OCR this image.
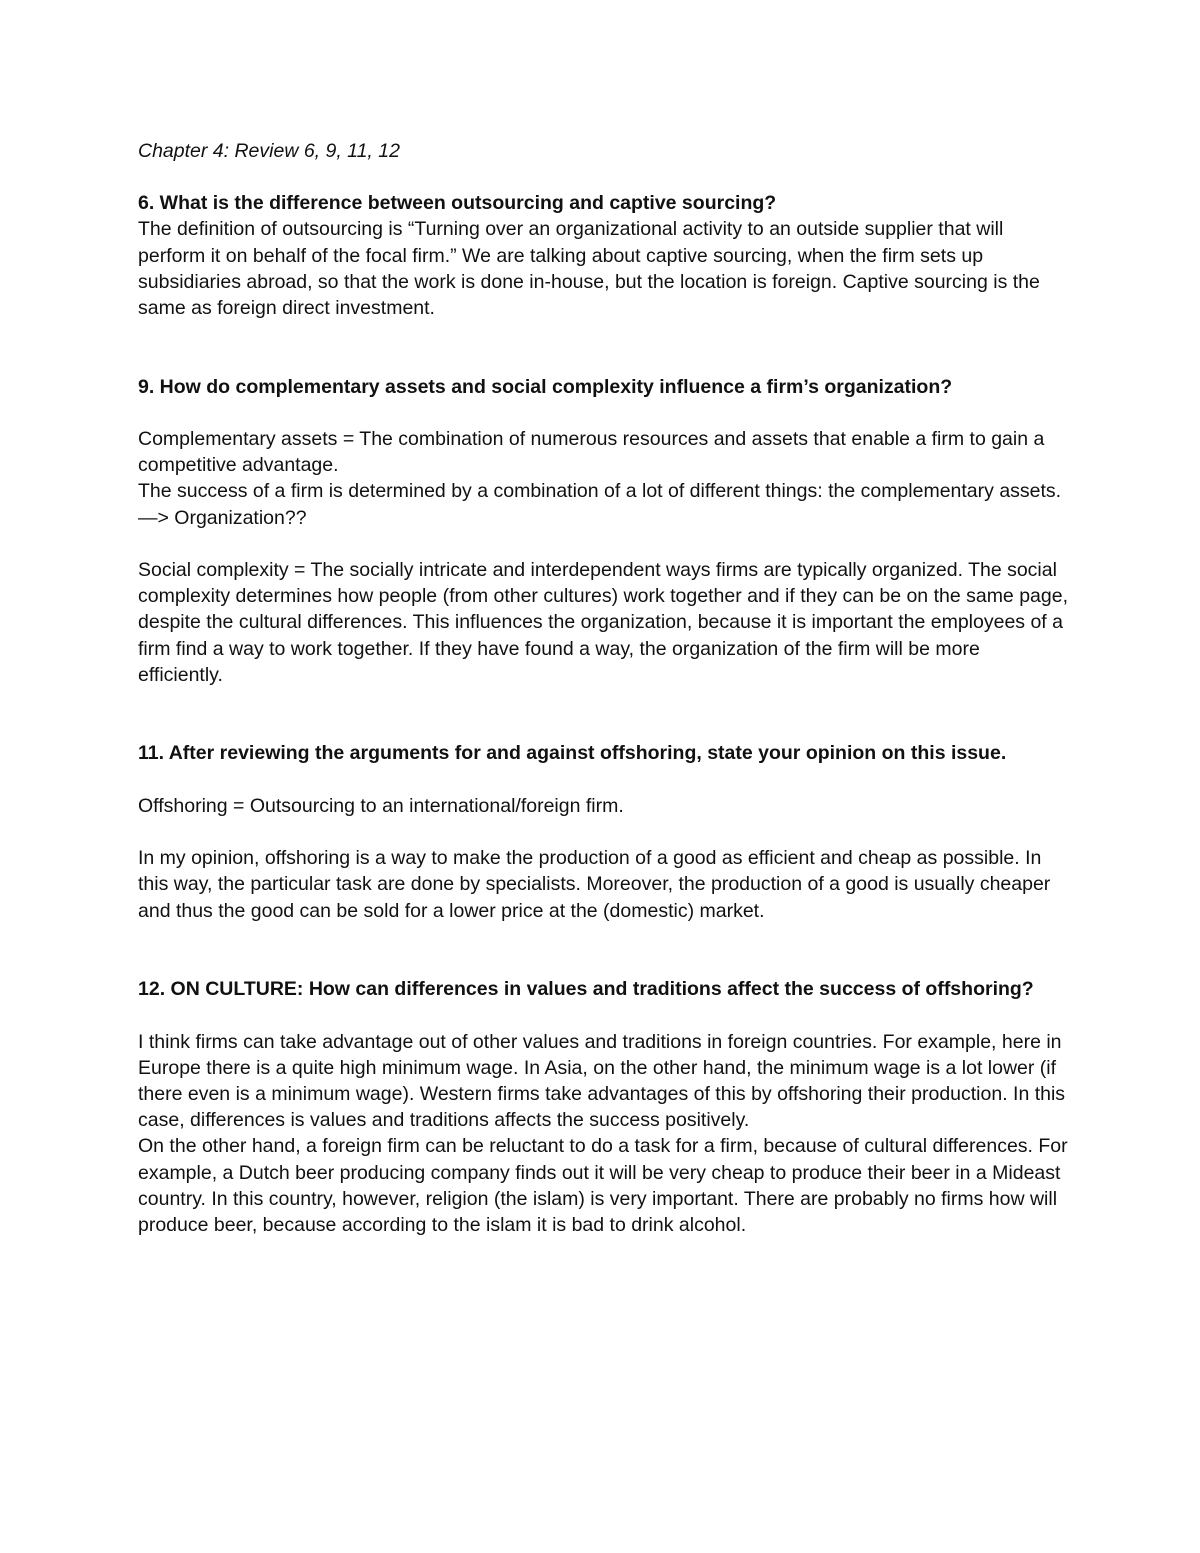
Chapter 4: Review 6, 9, 11, 12

6. What is the difference between outsourcing and captive sourcing?

The definition of outsourcing is “Turning over an organizational activity to an outside supplier that will perform it on behalf of the focal firm.” We are talking about captive sourcing, when the firm sets up subsidiaries abroad, so that the work is done in-house, but the location is foreign. Captive sourcing is the same as foreign direct investment.

9. How do complementary assets and social complexity influence a firm’s organization?

Complementary assets = The combination of numerous resources and assets that enable a firm to gain a competitive advantage.

The success of a firm is determined by a combination of a lot of different things: the complementary assets. —> Organization??

Social complexity = The socially intricate and interdependent ways firms are typically organized. The social complexity determines how people (from other cultures) work together and if they can be on the same page, despite the cultural differences. This influences the organization, because it is important the employees of a firm find a way to work together. If they have found a way, the organization of the firm will be more efficiently.

11. After reviewing the arguments for and against offshoring, state your opinion on this issue.

Offshoring = Outsourcing to an international/foreign firm.

In my opinion, offshoring is a way to make the production of a good as efficient and cheap as possible. In this way, the particular task are done by specialists. Moreover, the production of a good is usually cheaper and thus the good can be sold for a lower price at the (domestic) market.

12. ON CULTURE: How can differences in values and traditions affect the success of offshoring?

I think firms can take advantage out of other values and traditions in foreign countries. For example, here in Europe there is a quite high minimum wage. In Asia, on the other hand, the minimum wage is a lot lower (if there even is a minimum wage). Western firms take advantages of this by offshoring their production. In this case, differences is values and traditions affects the success positively.

On the other hand, a foreign firm can be reluctant to do a task for a firm, because of cultural differences. For example, a Dutch beer producing company finds out it will be very cheap to produce their beer in a Mideast country. In this country, however, religion (the islam) is very important. There are probably no firms how will produce beer, because according to the islam it is bad to drink alcohol.
